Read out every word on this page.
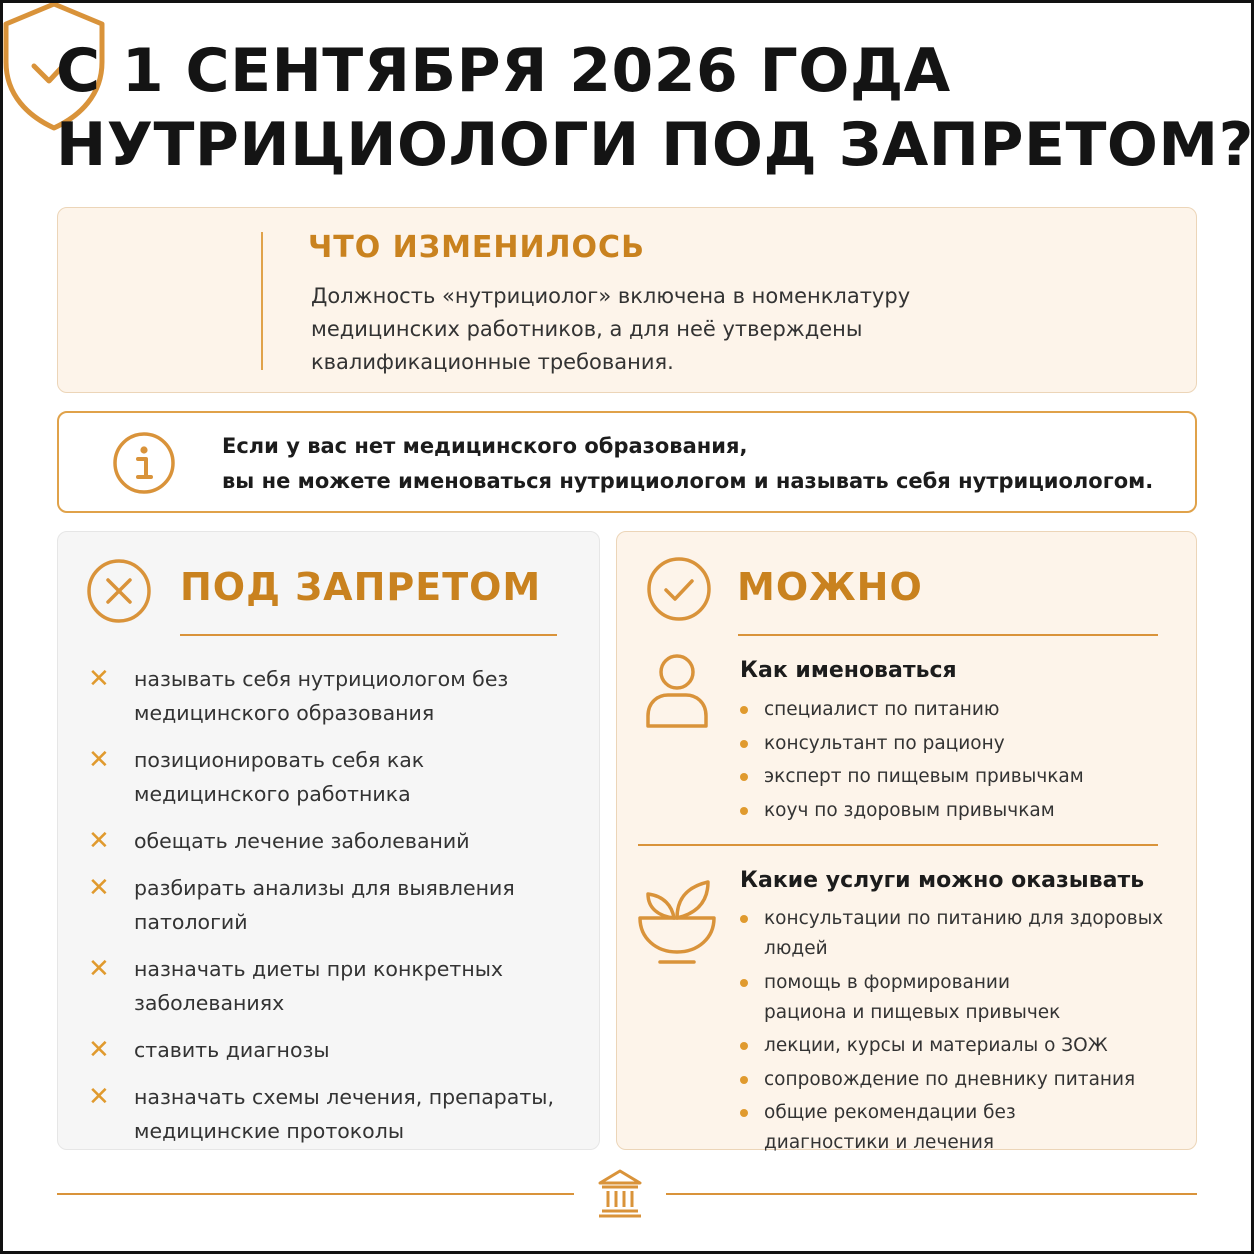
С 1 СЕНТЯБРЯ 2026 ГОДА
НУТРИЦИОЛОГИ ПОД ЗАПРЕТОМ?
ЧТО ИЗМЕНИЛОСЬ
Должность «нутрициолог» включена в номенклатуру медицинских работников, а для неё утверждены квалификационные требования.
Если у вас нет медицинского образования,
вы не можете именоваться нутрициологом и называть себя нутрициологом.
ПОД ЗАПРЕТОМ
✕ называть себя нутрициологом без медицинского образования
✕ позиционировать себя как медицинского работника
✕ обещать лечение заболеваний
✕ разбирать анализы для выявления патологий
✕ назначать диеты при конкретных заболеваниях
✕ ставить диагнозы
✕ назначать схемы лечения, препараты, медицинские протоколы
МОЖНО
Как именоваться
специалист по питанию
консультант по рациону
эксперт по пищевым привычкам
коуч по здоровым привычкам
Какие услуги можно оказывать
консультации по питанию для здоровых людей
помощь в формировании рациона и пищевых привычек
лекции, курсы и материалы о ЗОЖ
сопровождение по дневнику питания
общие рекомендации без диагностики и лечения
